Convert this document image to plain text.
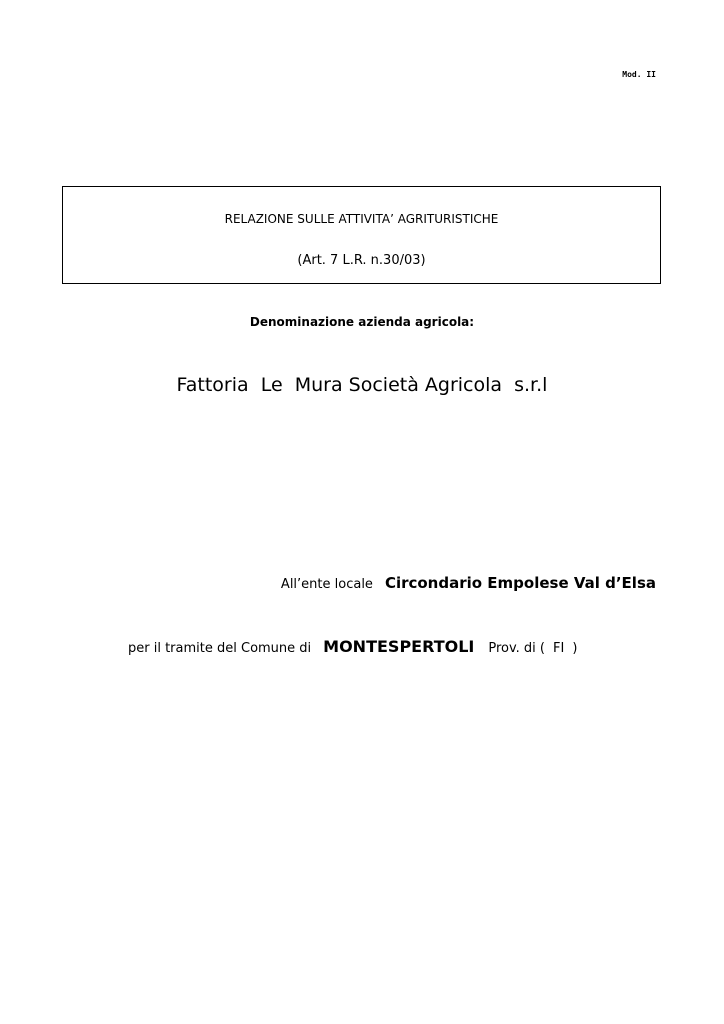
Mod. II
RELAZIONE SULLE ATTIVITA’ AGRITURISTICHE
(Art. 7 L.R. n.30/03)
Denominazione azienda agricola:
Fattoria  Le  Mura Società Agricola  s.r.l
All’ente locale Circondario Empolese Val d’Elsa
per il tramite del Comune di MONTESPERTOLI Prov. di ( FI )
